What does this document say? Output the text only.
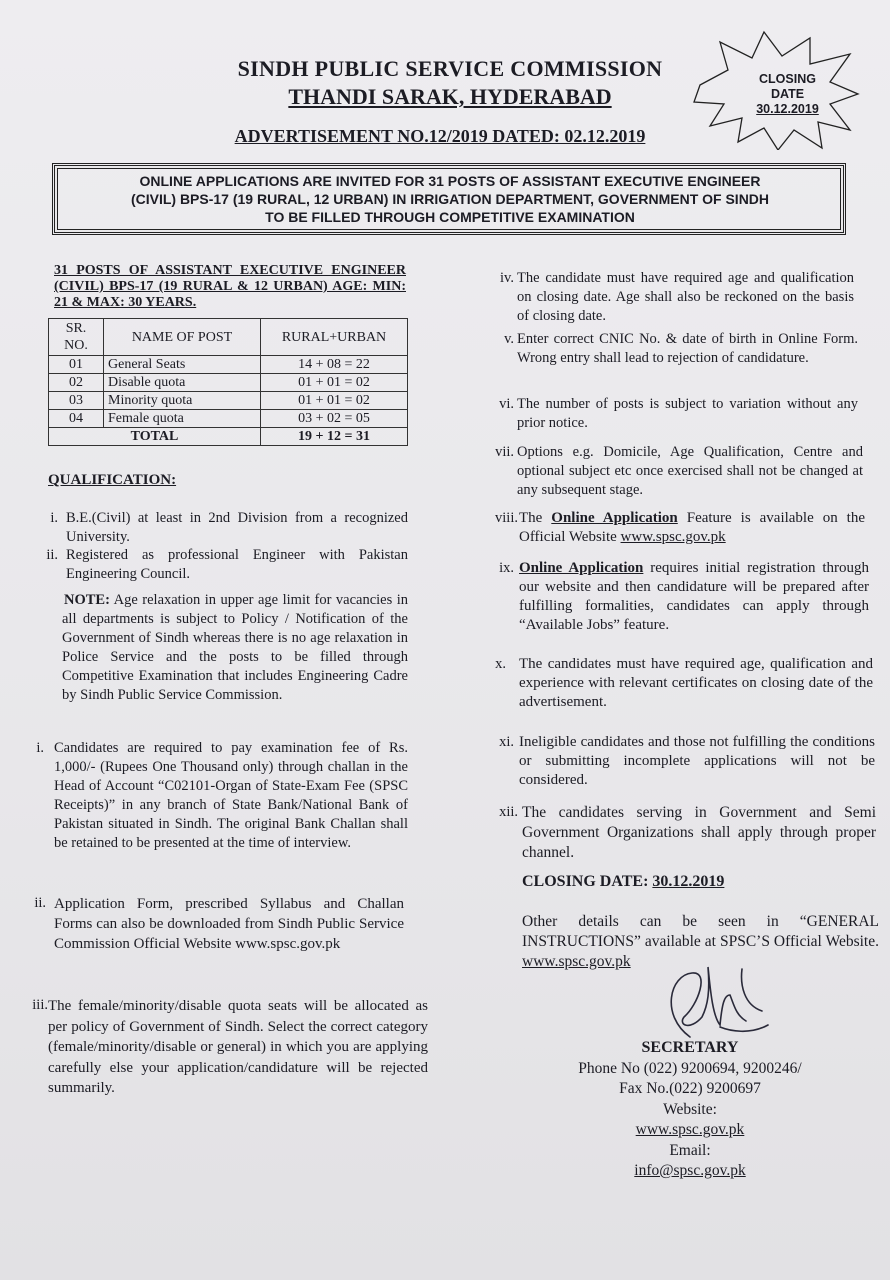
SINDH PUBLIC SERVICE COMMISSION
THANDI SARAK, HYDERABAD
ADVERTISEMENT NO.12/2019 DATED: 02.12.2019
CLOSING
DATE
30.12.2019
ONLINE APPLICATIONS ARE INVITED FOR 31 POSTS OF ASSISTANT EXECUTIVE ENGINEER
(CIVIL) BPS-17 (19 RURAL, 12 URBAN) IN IRRIGATION DEPARTMENT, GOVERNMENT OF SINDH
TO BE FILLED THROUGH COMPETITIVE EXAMINATION
31 POSTS OF ASSISTANT EXECUTIVE ENGINEER (CIVIL) BPS-17 (19 RURAL & 12 URBAN) AGE: MIN: 21 & MAX: 30 YEARS.
SR. NO.	NAME OF POST	RURAL+URBAN
01	General Seats	14 + 08 = 22
02	Disable quota	01 + 01 = 02
03	Minority quota	01 + 01 = 02
04	Female quota	03 + 02 = 05
TOTAL		19 + 12 = 31
QUALIFICATION:
i. B.E.(Civil) at least in 2nd Division from a recognized University.
ii. Registered as professional Engineer with Pakistan Engineering Council.
NOTE: Age relaxation in upper age limit for vacancies in all departments is subject to Policy / Notification of the Government of Sindh whereas there is no age relaxation in Police Service and the posts to be filled through Competitive Examination that includes Engineering Cadre by Sindh Public Service Commission.
i. Candidates are required to pay examination fee of Rs. 1,000/- (Rupees One Thousand only) through challan in the Head of Account “C02101-Organ of State-Exam Fee (SPSC Receipts)” in any branch of State Bank/National Bank of Pakistan situated in Sindh. The original Bank Challan shall be retained to be presented at the time of interview.
ii. Application Form, prescribed Syllabus and Challan Forms can also be downloaded from Sindh Public Service Commission Official Website www.spsc.gov.pk
iii. The female/minority/disable quota seats will be allocated as per policy of Government of Sindh. Select the correct category (female/minority/disable or general) in which you are applying carefully else your application/candidature will be rejected summarily.
iv. The candidate must have required age and qualification on closing date. Age shall also be reckoned on the basis of closing date.
v. Enter correct CNIC No. & date of birth in Online Form. Wrong entry shall lead to rejection of candidature.
vi. The number of posts is subject to variation without any prior notice.
vii. Options e.g. Domicile, Age Qualification, Centre and optional subject etc once exercised shall not be changed at any subsequent stage.
viii. The Online Application Feature is available on the Official Website www.spsc.gov.pk
ix. Online Application requires initial registration through our website and then candidature will be prepared after fulfilling formalities, candidates can apply through “Available Jobs” feature.
x. The candidates must have required age, qualification and experience with relevant certificates on closing date of the advertisement.
xi. Ineligible candidates and those not fulfilling the conditions or submitting incomplete applications will not be considered.
xii. The candidates serving in Government and Semi Government Organizations shall apply through proper channel.
CLOSING DATE: 30.12.2019
Other details can be seen in “GENERAL INSTRUCTIONS” available at SPSC’S Official Website. www.spsc.gov.pk
SECRETARY
Phone No (022) 9200694, 9200246/
Fax No.(022) 9200697
Website:
www.spsc.gov.pk
Email:
info@spsc.gov.pk
